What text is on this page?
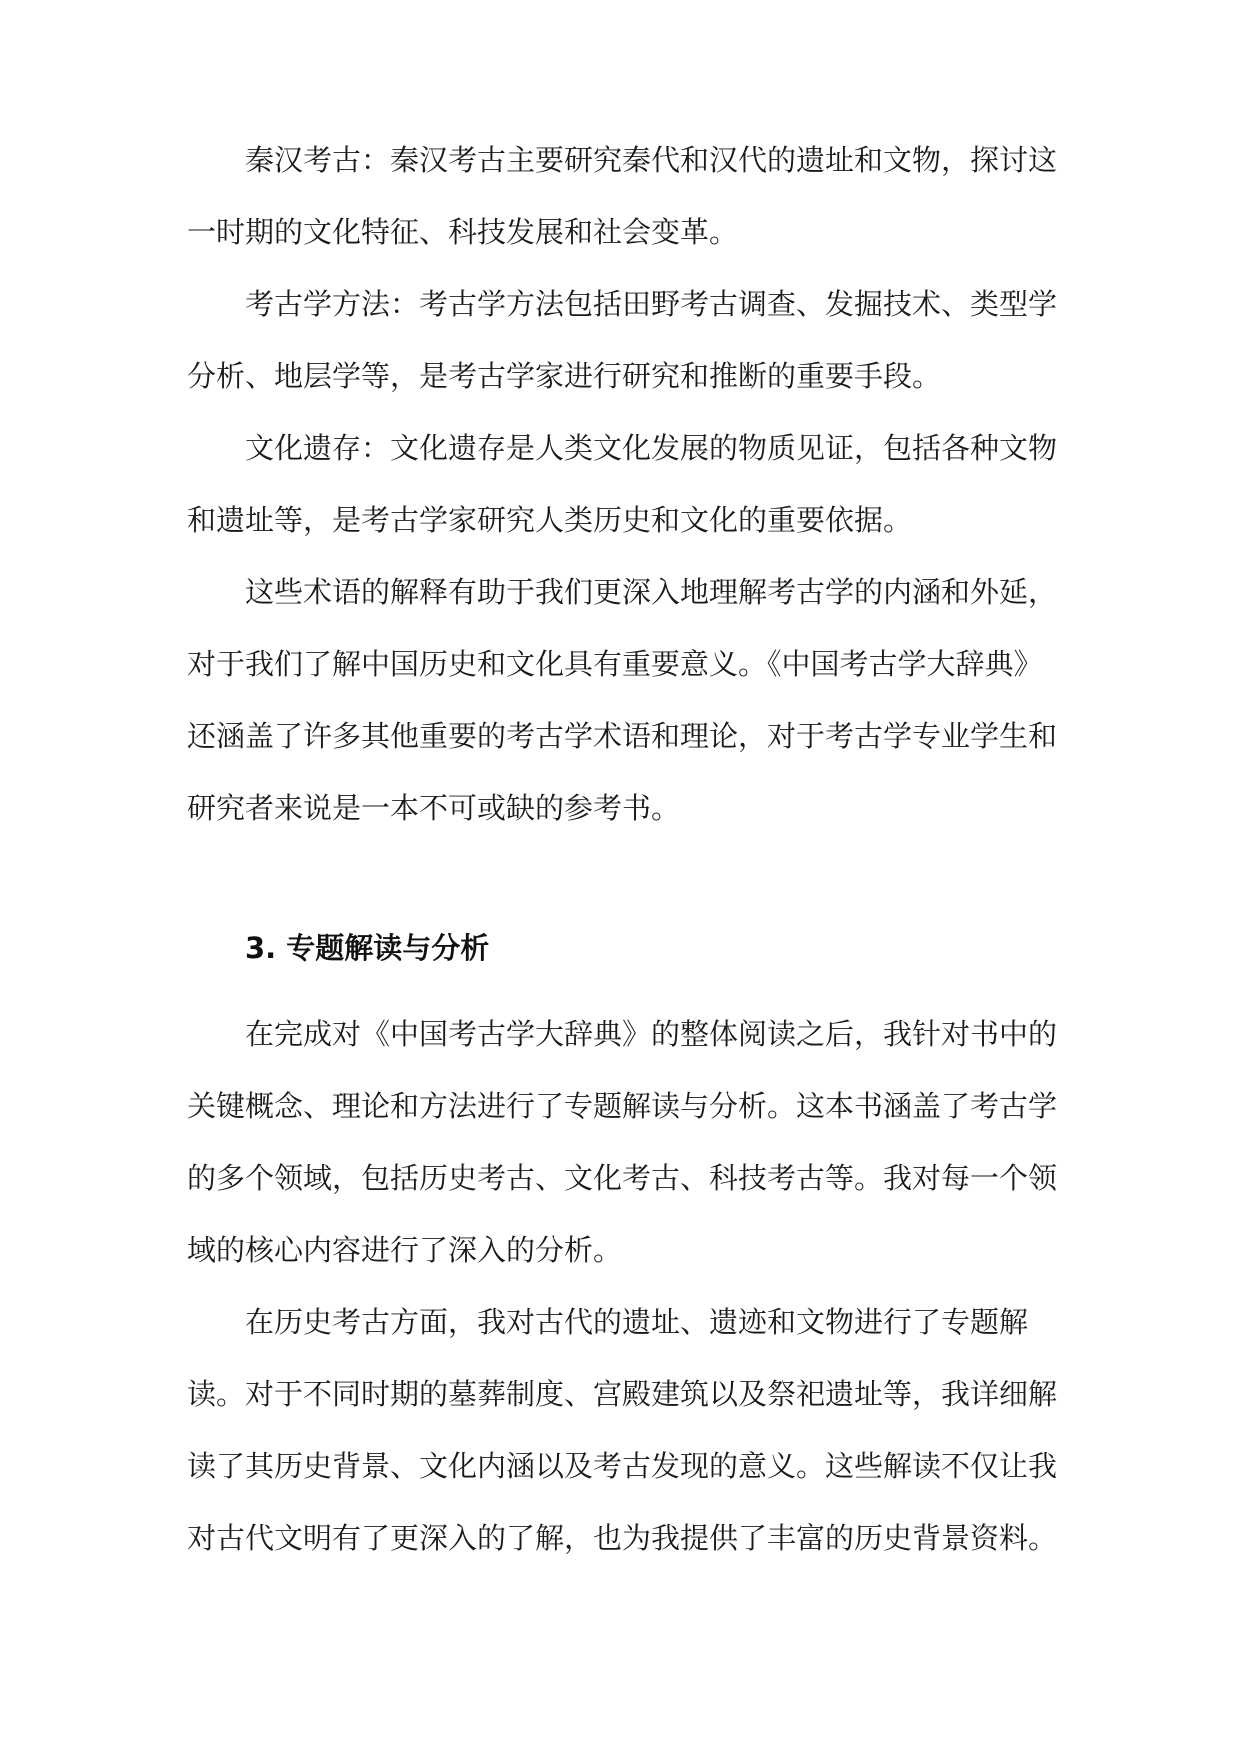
秦汉考古：秦汉考古主要研究秦代和汉代的遗址和文物，探讨这一时期的文化特征、科技发展和社会变革。

考古学方法：考古学方法包括田野考古调查、发掘技术、类型学分析、地层学等，是考古学家进行研究和推断的重要手段。

文化遗存：文化遗存是人类文化发展的物质见证，包括各种文物和遗址等，是考古学家研究人类历史和文化的重要依据。

这些术语的解释有助于我们更深入地理解考古学的内涵和外延，对于我们了解中国历史和文化具有重要意义。《中国考古学大辞典》还涵盖了许多其他重要的考古学术语和理论，对于考古学专业学生和研究者来说是一本不可或缺的参考书。

3. 专题解读与分析

在完成对《中国考古学大辞典》的整体阅读之后，我针对书中的关键概念、理论和方法进行了专题解读与分析。这本书涵盖了考古学的多个领域，包括历史考古、文化考古、科技考古等。我对每一个领域的核心内容进行了深入的分析。

在历史考古方面，我对古代的遗址、遗迹和文物进行了专题解读。对于不同时期的墓葬制度、宫殿建筑以及祭祀遗址等，我详细解读了其历史背景、文化内涵以及考古发现的意义。这些解读不仅让我对古代文明有了更深入的了解，也为我提供了丰富的历史背景资料。
